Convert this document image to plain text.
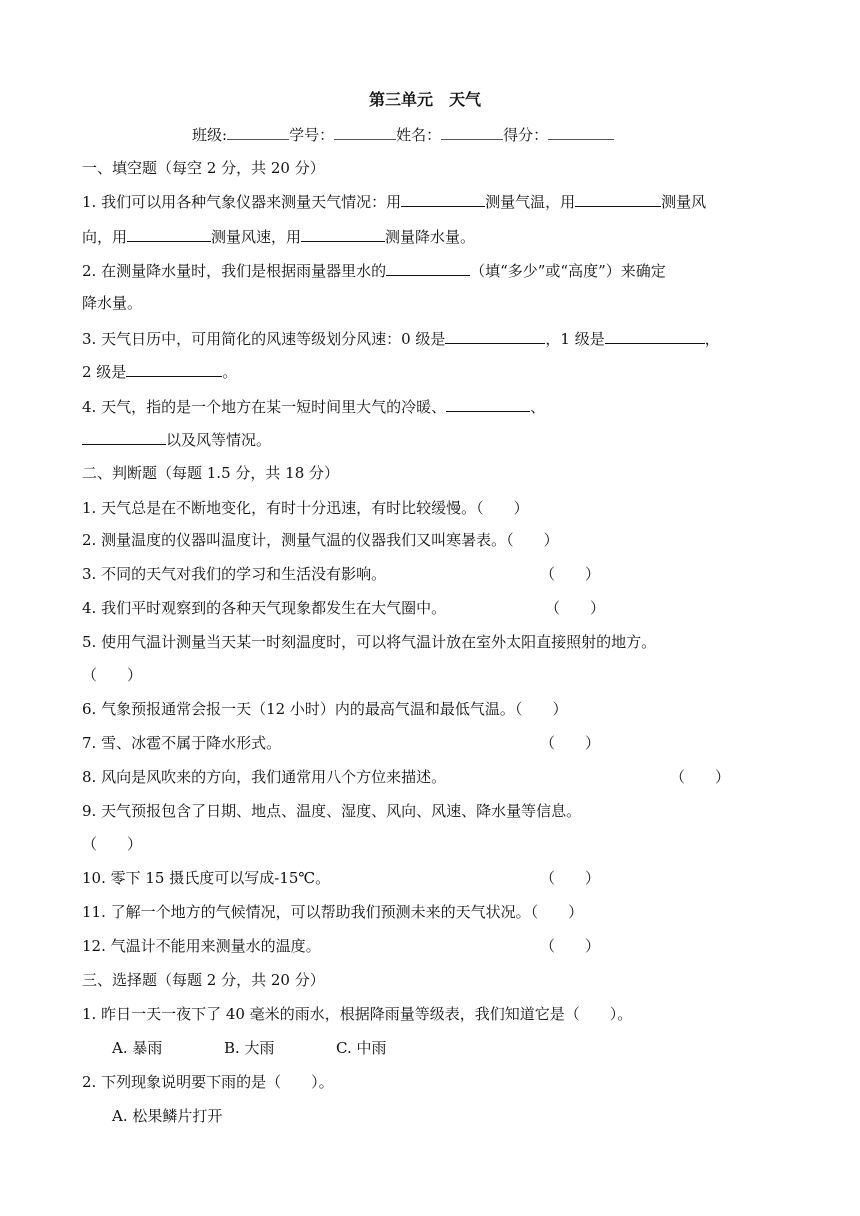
第三单元　天气
班级:	学号：	姓名：	得分：
一、填空题（每空 2 分，共 20 分）
1. 我们可以用各种气象仪器来测量天气情况：用	测量气温，用	测量风
向，用	测量风速，用	测量降水量。
2. 在测量降水量时，我们是根据雨量器里水的	（填“多少”或“高度”）来确定
降水量。
3. 天气日历中，可用简化的风速等级划分风速：0 级是	，1 级是	，
2 级是	。
4. 天气，指的是一个地方在某一短时间里大气的冷暖、	、
以及风等情况。
二、判断题（每题 1.5 分，共 18 分）
1. 天气总是在不断地变化，有时十分迅速，有时比较缓慢。（　　）
2. 测量温度的仪器叫温度计，测量气温的仪器我们又叫寒暑表。（　　）
3. 不同的天气对我们的学习和生活没有影响。	（　　）
4. 我们平时观察到的各种天气现象都发生在大气圈中。	（　　）
5. 使用气温计测量当天某一时刻温度时，可以将气温计放在室外太阳直接照射的地方。
（　　）
6. 气象预报通常会报一天（12 小时）内的最高气温和最低气温。（　　）
7. 雪、冰雹不属于降水形式。	（　　）
8. 风向是风吹来的方向，我们通常用八个方位来描述。	（　　）
9. 天气预报包含了日期、地点、温度、湿度、风向、风速、降水量等信息。
（　　）
10. 零下 15 摄氏度可以写成-15℃。	（　　）
11. 了解一个地方的气候情况，可以帮助我们预测未来的天气状况。（　　）
12. 气温计不能用来测量水的温度。	（　　）
三、选择题（每题 2 分，共 20 分）
1. 昨日一天一夜下了 40 毫米的雨水，根据降雨量等级表，我们知道它是（　　）。
A. 暴雨	B. 大雨	C. 中雨
2. 下列现象说明要下雨的是（　　）。
A. 松果鳞片打开
